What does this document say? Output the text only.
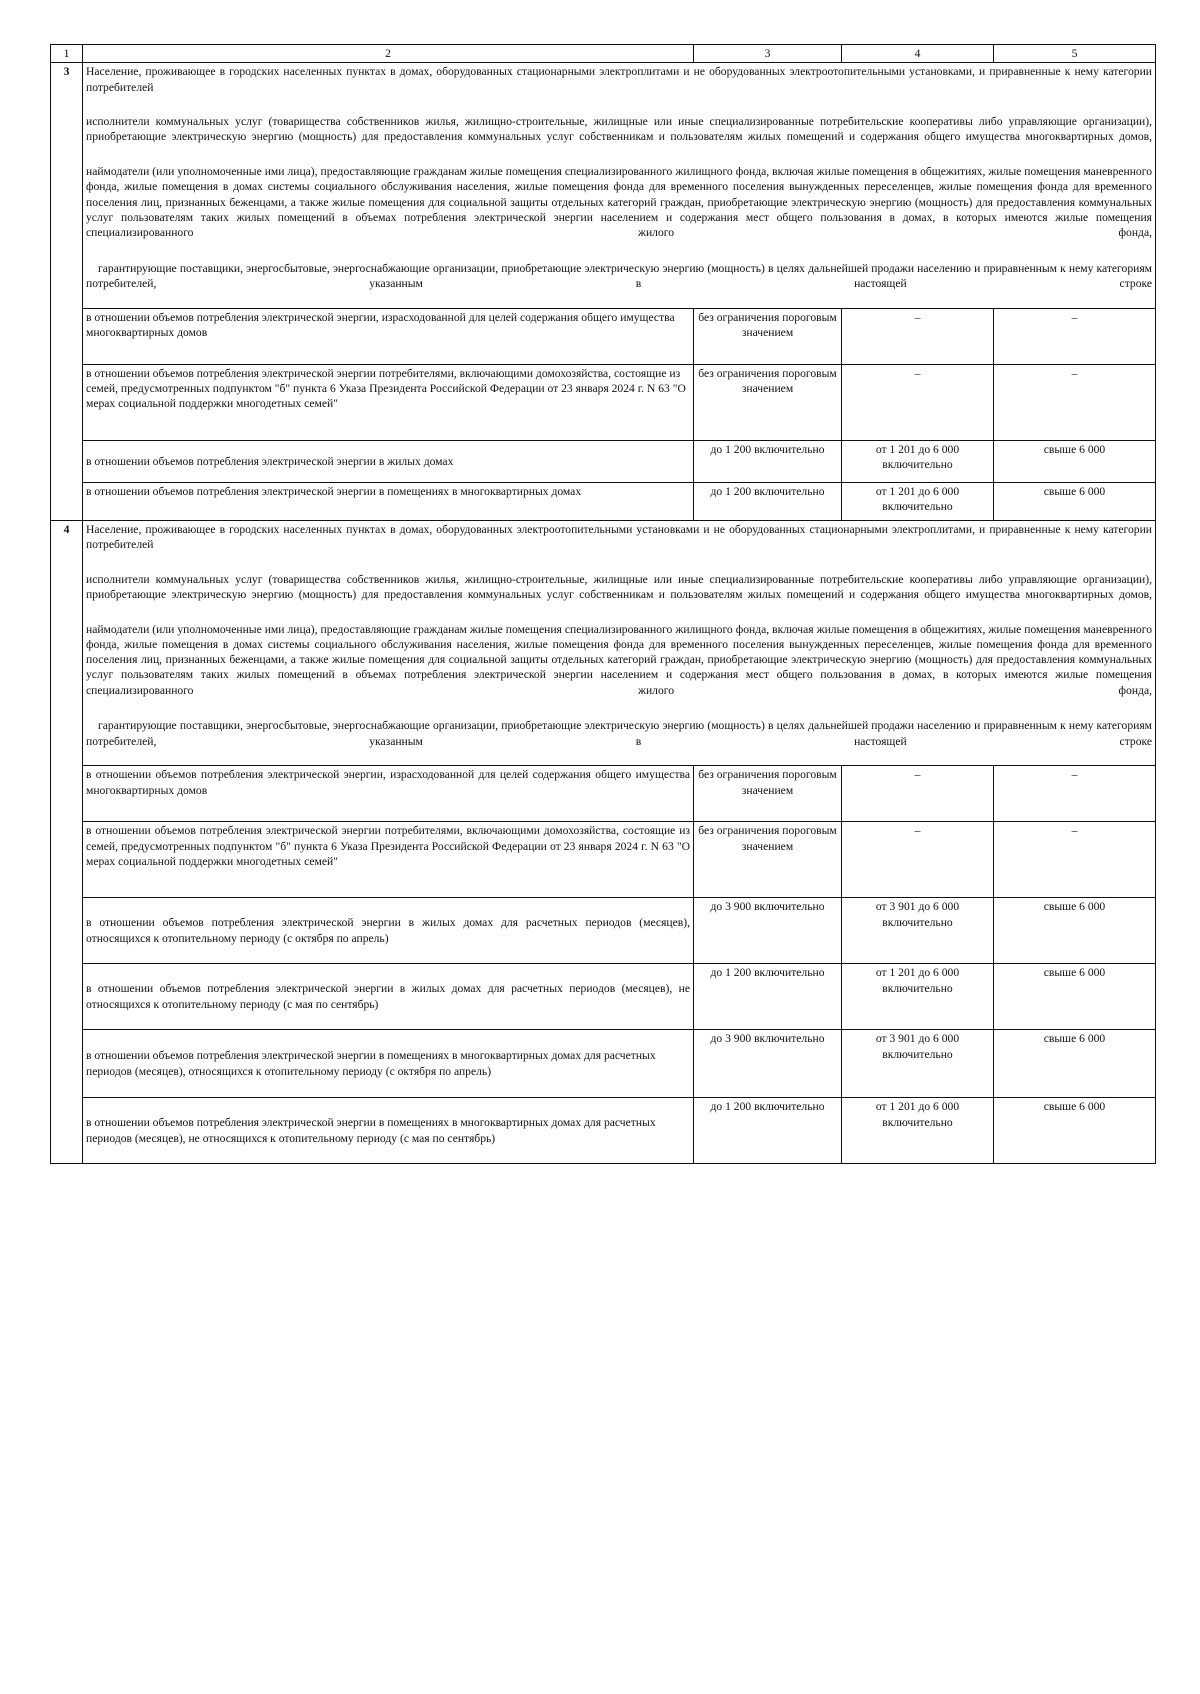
1	2	3	4	5
3	Население, проживающее в городских населенных пунктах в домах, оборудованных стационарными электроплитами и не оборудованных электроотопительными установками, и приравненные к нему категории потребителей
исполнители коммунальных услуг (товарищества собственников жилья, жилищно-строительные, жилищные или иные специализированные потребительские кооперативы либо управляющие организации), приобретающие электрическую энергию (мощность) для предоставления коммунальных услуг собственникам и пользователям жилых помещений и содержания общего имущества многоквартирных домов,
наймодатели (или уполномоченные ими лица), предоставляющие гражданам жилые помещения специализированного жилищного фонда, включая жилые помещения в общежитиях, жилые помещения маневренного фонда, жилые помещения в домах системы социального обслуживания населения, жилые помещения фонда для временного поселения вынужденных переселенцев, жилые помещения фонда для временного поселения лиц, признанных беженцами, а также жилые помещения для социальной защиты отдельных категорий граждан, приобретающие электрическую энергию (мощность) для предоставления коммунальных услуг пользователям таких жилых помещений в объемах потребления электрической энергии населением и содержания мест общего пользования в домах, в которых имеются жилые помещения специализированного жилого фонда,
гарантирующие поставщики, энергосбытовые, энергоснабжающие организации, приобретающие электрическую энергию (мощность) в целях дальнейшей продажи населению и приравненным к нему категориям потребителей, указанным в настоящей строке			

	в отношении объемов потребления электрической энергии, израсходованной для целей содержания общего имущества многоквартирных домов	без ограничения пороговым значением	–	–
	в отношении объемов потребления электрической энергии потребителями, включающими домохозяйства, состоящие из семей, предусмотренных подпунктом "б" пункта 6 Указа Президента Российской Федерации от 23 января 2024 г. N 63 "О мерах социальной поддержки многодетных семей"	без ограничения пороговым значением	–	–
	в отношении объемов потребления электрической энергии в жилых домах	до 1 200 включительно	от 1 201 до 6 000 включительно	свыше 6 000
	в отношении объемов потребления электрической энергии в помещениях в многоквартирных домах	до 1 200 включительно	от 1 201 до 6 000 включительно	свыше 6 000
4	Население, проживающее в городских населенных пунктах в домах, оборудованных электроотопительными установками и не оборудованных стационарными электроплитами, и приравненные к нему категории потребителей
исполнители коммунальных услуг (товарищества собственников жилья, жилищно-строительные, жилищные или иные специализированные потребительские кооперативы либо управляющие организации), приобретающие электрическую энергию (мощность) для предоставления коммунальных услуг собственникам и пользователям жилых помещений и содержания общего имущества многоквартирных домов,
наймодатели (или уполномоченные ими лица), предоставляющие гражданам жилые помещения специализированного жилищного фонда, включая жилые помещения в общежитиях, жилые помещения маневренного фонда, жилые помещения в домах системы социального обслуживания населения, жилые помещения фонда для временного поселения вынужденных переселенцев, жилые помещения фонда для временного поселения лиц, признанных беженцами, а также жилые помещения для социальной защиты отдельных категорий граждан, приобретающие электрическую энергию (мощность) для предоставления коммунальных услуг пользователям таких жилых помещений в объемах потребления электрической энергии населением и содержания мест общего пользования в домах, в которых имеются жилые помещения специализированного жилого фонда,
гарантирующие поставщики, энергосбытовые, энергоснабжающие организации, приобретающие электрическую энергию (мощность) в целях дальнейшей продажи населению и приравненным к нему категориям потребителей, указанным в настоящей строке			

	в отношении объемов потребления электрической энергии, израсходованной для целей содержания общего имущества многоквартирных домов	без ограничения пороговым значением	–	–
	в отношении объемов потребления электрической энергии потребителями, включающими домохозяйства, состоящие из семей, предусмотренных подпунктом "б" пункта 6 Указа Президента Российской Федерации от 23 января 2024 г. N 63 "О мерах социальной поддержки многодетных семей"	без ограничения пороговым значением	–	–
	в отношении объемов потребления электрической энергии в жилых домах для расчетных периодов (месяцев), относящихся к отопительному периоду (с октября по апрель)	до 3 900 включительно	от 3 901 до 6 000 включительно	свыше 6 000
	в отношении объемов потребления электрической энергии в жилых домах для расчетных периодов (месяцев), не относящихся к отопительному периоду (с мая по сентябрь)	до 1 200 включительно	от 1 201 до 6 000 включительно	свыше 6 000
	в отношении объемов потребления электрической энергии в помещениях в многоквартирных домах для расчетных периодов (месяцев), относящихся к отопительному периоду (с октября по апрель)	до 3 900 включительно	от 3 901 до 6 000 включительно	свыше 6 000
	в отношении объемов потребления электрической энергии в помещениях в многоквартирных домах для расчетных периодов (месяцев), не относящихся к отопительному периоду (с мая по сентябрь)	до 1 200 включительно	от 1 201 до 6 000 включительно	свыше 6 000
